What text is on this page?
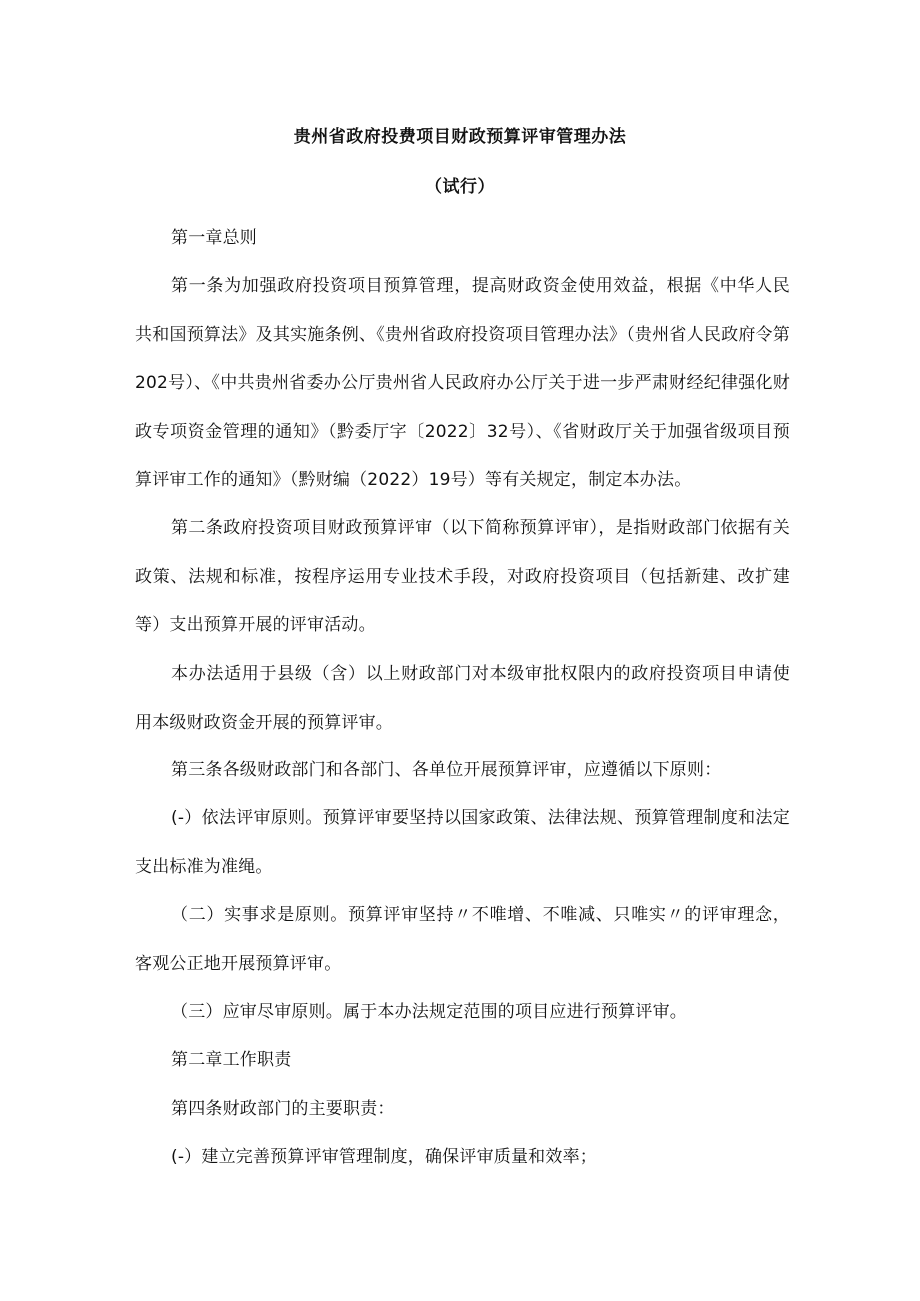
贵州省政府投费项目财政预算评审管理办法
（试行）
第一章总则
第一条为加强政府投资项目预算管理，提高财政资金使用效益，根据《中华人民共和国预算法》及其实施条例、《贵州省政府投资项目管理办法》（贵州省人民政府令第202号）、《中共贵州省委办公厅贵州省人民政府办公厅关于进一步严肃财经纪律强化财政专项资金管理的通知》（黔委厅字〔2022〕32号）、《省财政厅关于加强省级项目预算评审工作的通知》（黔财编（2022）19号）等有关规定，制定本办法。
第二条政府投资项目财政预算评审（以下简称预算评审），是指财政部门依据有关政策、法规和标准，按程序运用专业技术手段，对政府投资项目（包括新建、改扩建等）支出预算开展的评审活动。
本办法适用于县级（含）以上财政部门对本级审批权限内的政府投资项目申请使用本级财政资金开展的预算评审。
第三条各级财政部门和各部门、各单位开展预算评审，应遵循以下原则：
(-）依法评审原则。预算评审要坚持以国家政策、法律法规、预算管理制度和法定支出标准为准绳。
（二）实事求是原则。预算评审坚持〃不唯增、不唯减、只唯实〃的评审理念，客观公正地开展预算评审。
（三）应审尽审原则。属于本办法规定范围的项目应进行预算评审。
第二章工作职责
第四条财政部门的主要职责：
(-）建立完善预算评审管理制度，确保评审质量和效率；
